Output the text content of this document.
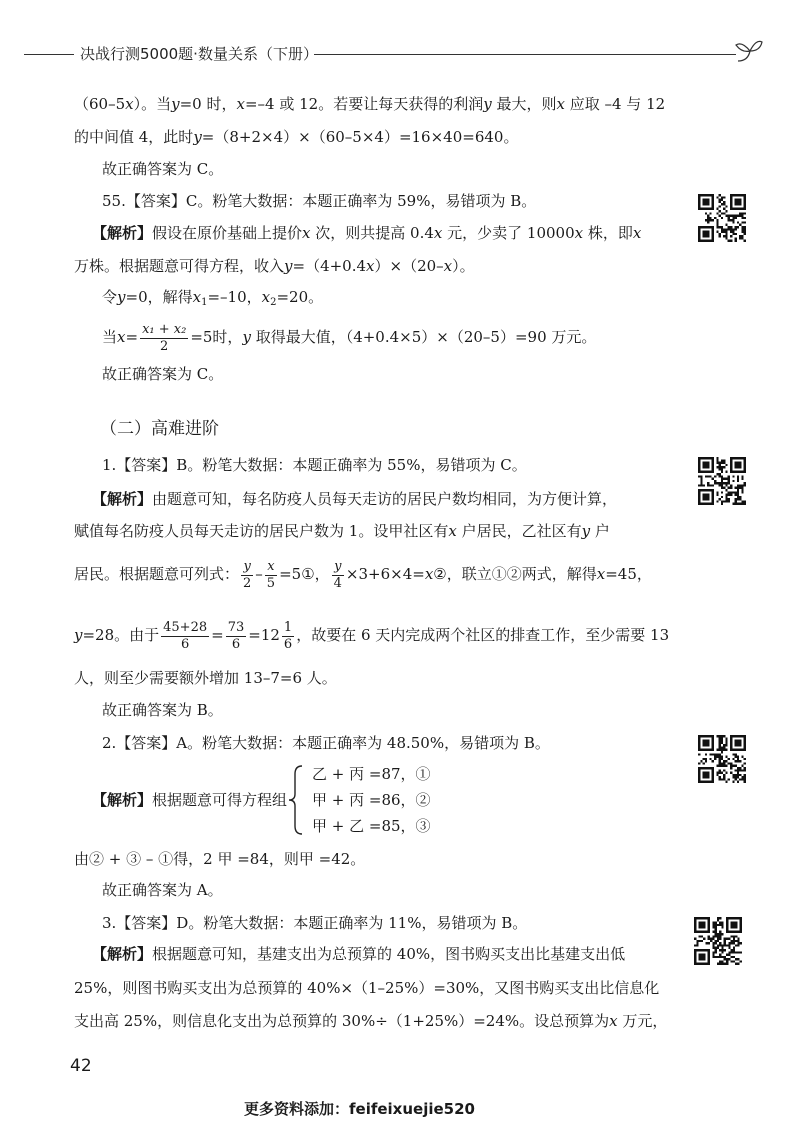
决战行测5000题·数量关系（下册）
（60–5x）。当y=0 时，x=–4 或 12。若要让每天获得的利润y 最大，则x 应取 –4 与 12
的中间值 4，此时y=（8+2×4）×（60–5×4）=16×40=640。
故正确答案为 C。
55.【答案】C。粉笔大数据：本题正确率为 59%，易错项为 B。
【解析】假设在原价基础上提价x 次，则共提高 0.4x 元，少卖了 10000x 株，即x
万株。根据题意可得方程，收入y=（4+0.4x）×（20–x）。
令y=0，解得$x_1=-10$，$x_2=20$。
当$x= \frac{\text{x₁ + x₂}}{2} =5$时，y 取得最大值，（4+0.4×5）×（20–5）=90 万元。
故正确答案为 C。
（二）高难进阶
1.【答案】B。粉笔大数据：本题正确率为 55%，易错项为 C。
【解析】由题意可知，每名防疫人员每天走访的居民户数均相同，为方便计算，
赋值每名防疫人员每天走访的居民户数为 1。设甲社区有x 户居民，乙社区有y 户
居民。根据题意可列式： $\frac{y}{2} - \frac{x}{5}$ =5①， $\frac{y}{4}$ ×3+6×4=x②，联立①②两式，解得x=45，
y=28。由于 $\frac{45+28}{6} = \frac{73}{6} =12 \frac{1}{6}$ ，故要在 6 天内完成两个社区的排查工作，至少需要 13
人，则至少需要额外增加 13–7=6 人。
故正确答案为 B。
2.【答案】A。粉笔大数据：本题正确率为 48.50%，易错项为 B。
【解析】根据题意可得方程组
乙 + 丙 =87，①
甲 + 丙 =86，②
甲 + 乙 =85，③
由② + ③ – ①得，2 甲 =84，则甲 =42。
故正确答案为 A。
3.【答案】D。粉笔大数据：本题正确率为 11%，易错项为 B。
【解析】根据题意可知，基建支出为总预算的 40%，图书购买支出比基建支出低
25%，则图书购买支出为总预算的 40%×（1–25%）=30%，又图书购买支出比信息化
支出高 25%，则信息化支出为总预算的 30%÷（1+25%）=24%。设总预算为x 万元，
42
更多资料添加：feifeixuejie520
